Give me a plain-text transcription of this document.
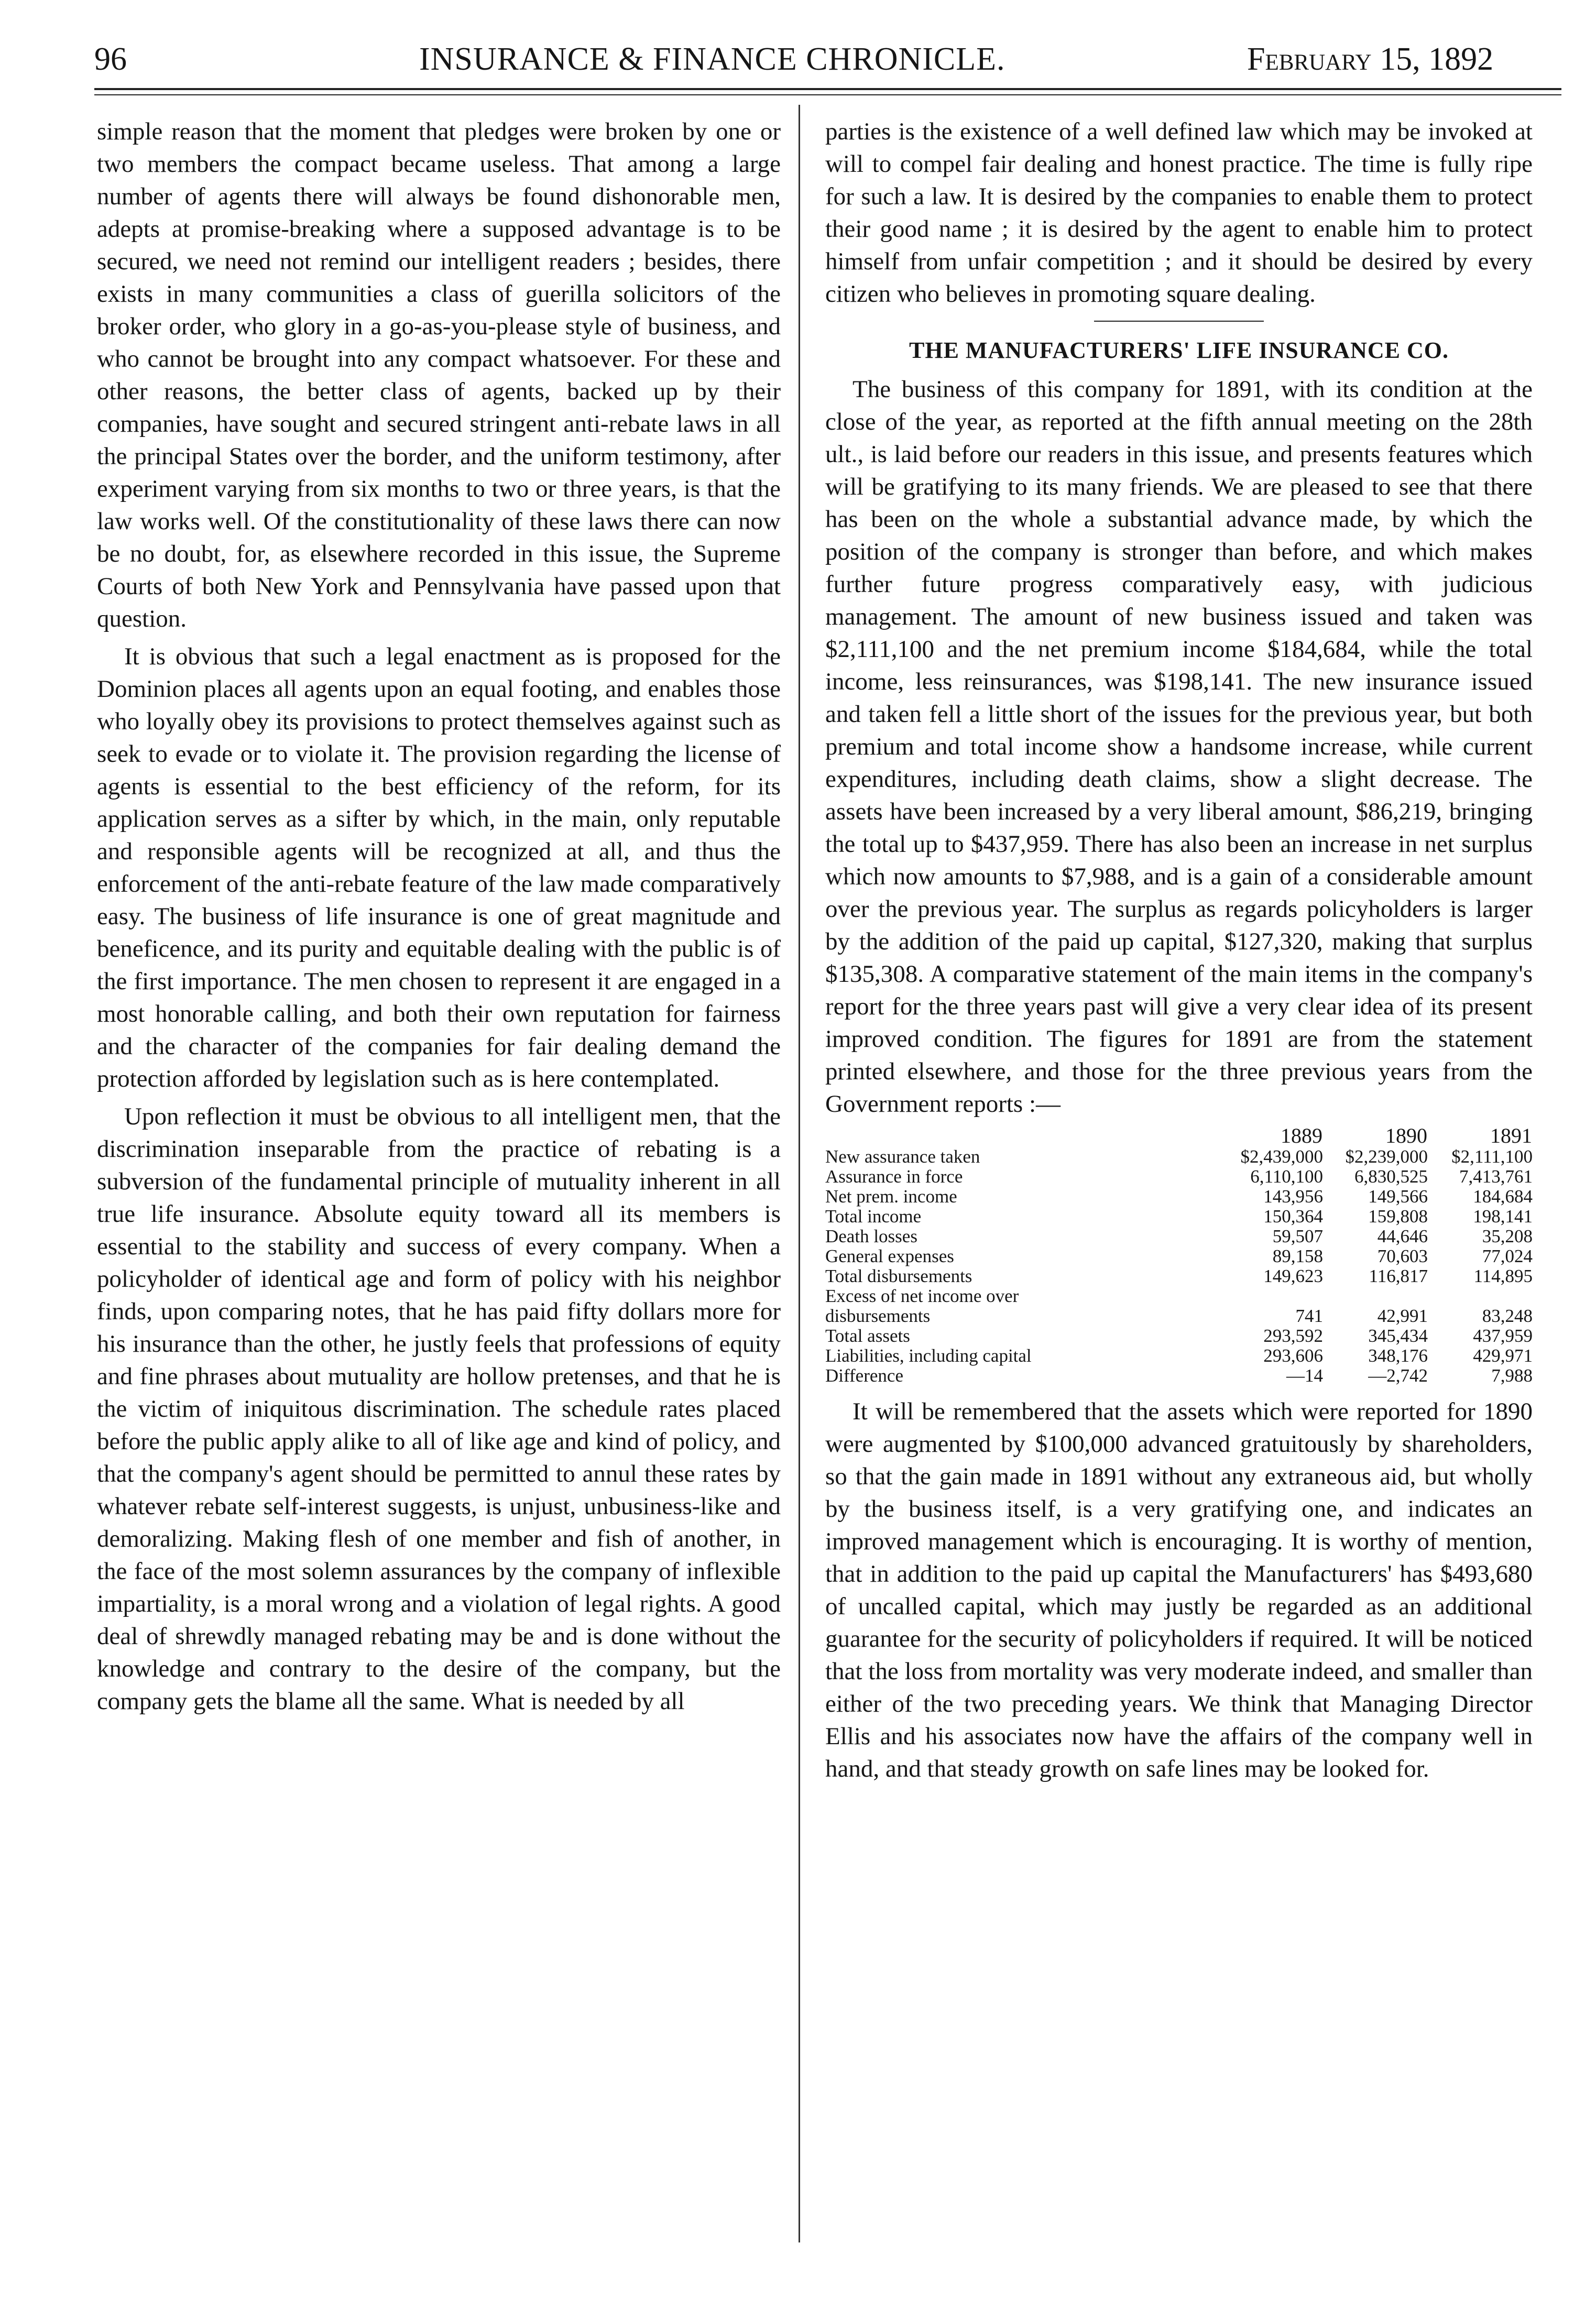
96	INSURANCE & FINANCE CHRONICLE.	February 15, 1892

simple reason that the moment that pledges were broken by one or two members the compact became useless. That among a large number of agents there will always be found dishonorable men, adepts at promise-breaking where a supposed advantage is to be secured, we need not remind our intelligent readers ; besides, there exists in many communities a class of guerilla solicitors of the broker order, who glory in a go-as-you-please style of business, and who cannot be brought into any compact whatsoever. For these and other reasons, the better class of agents, backed up by their companies, have sought and secured stringent anti-rebate laws in all the principal States over the border, and the uniform testimony, after experiment varying from six months to two or three years, is that the law works well. Of the constitutionality of these laws there can now be no doubt, for, as elsewhere recorded in this issue, the Supreme Courts of both New York and Pennsylvania have passed upon that question.

It is obvious that such a legal enactment as is proposed for the Dominion places all agents upon an equal footing, and enables those who loyally obey its provisions to protect themselves against such as seek to evade or to violate it. The provision regarding the license of agents is essential to the best efficiency of the reform, for its application serves as a sifter by which, in the main, only reputable and responsible agents will be recognized at all, and thus the enforcement of the anti-rebate feature of the law made comparatively easy. The business of life insurance is one of great magnitude and beneficence, and its purity and equitable dealing with the public is of the first importance. The men chosen to represent it are engaged in a most honorable calling, and both their own reputation for fairness and the character of the companies for fair dealing demand the protection afforded by legislation such as is here contemplated.

Upon reflection it must be obvious to all intelligent men, that the discrimination inseparable from the practice of rebating is a subversion of the fundamental principle of mutuality inherent in all true life insurance. Absolute equity toward all its members is essential to the stability and success of every company. When a policyholder of identical age and form of policy with his neighbor finds, upon comparing notes, that he has paid fifty dollars more for his insurance than the other, he justly feels that professions of equity and fine phrases about mutuality are hollow pretenses, and that he is the victim of iniquitous discrimination. The schedule rates placed before the public apply alike to all of like age and kind of policy, and that the company's agent should be permitted to annul these rates by whatever rebate self-interest suggests, is unjust, unbusiness-like and demoralizing. Making flesh of one member and fish of another, in the face of the most solemn assurances by the company of inflexible impartiality, is a moral wrong and a violation of legal rights. A good deal of shrewdly managed rebating may be and is done without the knowledge and contrary to the desire of the company, but the company gets the blame all the same. What is needed by all

parties is the existence of a well defined law which may be invoked at will to compel fair dealing and honest practice. The time is fully ripe for such a law. It is desired by the companies to enable them to protect their good name ; it is desired by the agent to enable him to protect himself from unfair competition ; and it should be desired by every citizen who believes in promoting square dealing.

THE MANUFACTURERS' LIFE INSURANCE CO.

The business of this company for 1891, with its condition at the close of the year, as reported at the fifth annual meeting on the 28th ult., is laid before our readers in this issue, and presents features which will be gratifying to its many friends. We are pleased to see that there has been on the whole a substantial advance made, by which the position of the company is stronger than before, and which makes further future progress comparatively easy, with judicious management. The amount of new business issued and taken was $2,111,100 and the net premium income $184,684, while the total income, less reinsurances, was $198,141. The new insurance issued and taken fell a little short of the issues for the previous year, but both premium and total income show a handsome increase, while current expenditures, including death claims, show a slight decrease. The assets have been increased by a very liberal amount, $86,219, bringing the total up to $437,959. There has also been an increase in net surplus which now amounts to $7,988, and is a gain of a considerable amount over the previous year. The surplus as regards policyholders is larger by the addition of the paid up capital, $127,320, making that surplus $135,308. A comparative statement of the main items in the company's report for the three years past will give a very clear idea of its present improved condition. The figures for 1891 are from the statement printed elsewhere, and those for the three previous years from the Government reports :—

	1889	1890	1891
New assurance taken	$2,439,000	$2,239,000	$2,111,100
Assurance in force	6,110,100	6,830,525	7,413,761
Net prem. income	143,956	149,566	184,684
Total income	150,364	159,808	198,141
Death losses	59,507	44,646	35,208
General expenses	89,158	70,603	77,024
Total disbursements	149,623	116,817	114,895
Excess of net income over			
disbursements	741	42,991	83,248
Total assets	293,592	345,434	437,959
Liabilities, including capital	293,606	348,176	429,971
Difference	—14	—2,742	7,988

It will be remembered that the assets which were reported for 1890 were augmented by $100,000 advanced gratuitously by shareholders, so that the gain made in 1891 without any extraneous aid, but wholly by the business itself, is a very gratifying one, and indicates an improved management which is encouraging. It is worthy of mention, that in addition to the paid up capital the Manufacturers' has $493,680 of uncalled capital, which may justly be regarded as an additional guarantee for the security of policyholders if required. It will be noticed that the loss from mortality was very moderate indeed, and smaller than either of the two preceding years. We think that Managing Director Ellis and his associates now have the affairs of the company well in hand, and that steady growth on safe lines may be looked for.
